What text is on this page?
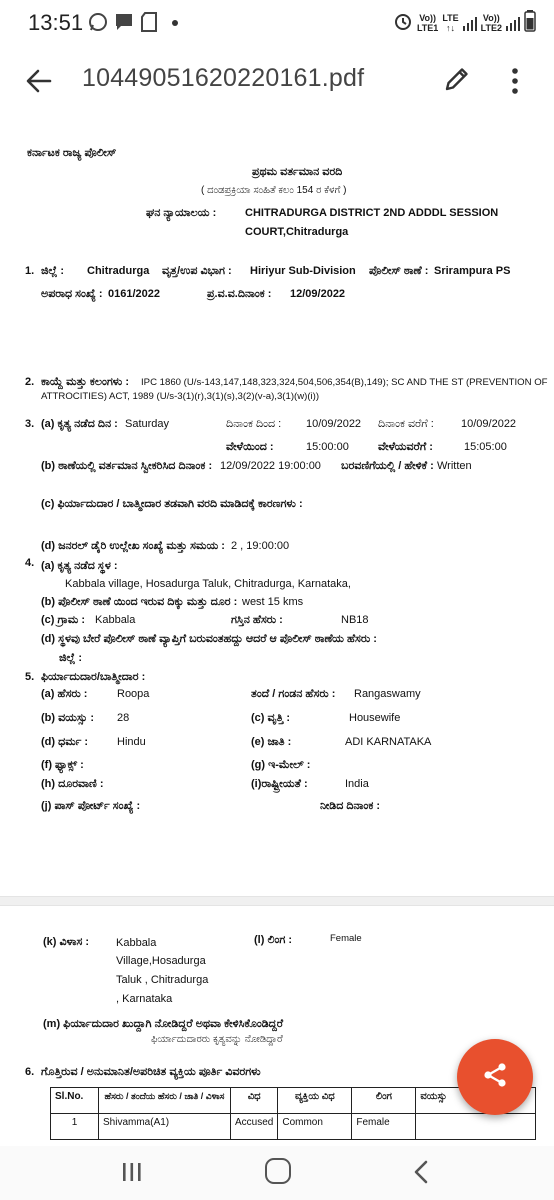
13:51	Vo))
LTE1
LTE
↑↓
Vo))
LTE2
10449051620220161.pdf
ಕರ್ನಾಟಕ ರಾಜ್ಯ ಪೊಲೀಸ್
ಪ್ರಥಮ ವರ್ತಮಾನ ವರದಿ
( ದಂಡಪ್ರಕ್ರಿಯಾ ಸಂಹಿತೆ ಕಲಂ 154 ರ ಕೆಳಗೆ )
ಘನ ನ್ಯಾಯಾಲಯ :	CHITRADURGA DISTRICT 2ND ADDDL SESSION
COURT,Chitradurga
1. ಜಿಲ್ಲೆ : Chitradurga ವೃತ್ತ/ಉಪ ವಿಭಾಗ : Hiriyur Sub-Division ಪೊಲೀಸ್ ಠಾಣೆ : Srirampura PS
ಅಪರಾಧ ಸಂಖ್ಯೆ : 0161/2022	ಪ್ರ.ವ.ವ.ದಿನಾಂಕ : 12/09/2022
2. ಕಾಯ್ದೆ ಮತ್ತು ಕಲಂಗಳು : IPC 1860 (U/s-143,147,148,323,324,504,506,354(B),149); SC AND THE ST (PREVENTION OF
ATTROCITIES) ACT, 1989 (U/s-3(1)(r),3(1)(s),3(2)(v-a),3(1)(w)(i))
3. (a) ಕೃತ್ಯ ನಡೆದ ದಿನ : Saturday	ದಿನಾಂಕ ದಿಂದ : 10/09/2022 ದಿನಾಂಕ ವರೆಗೆ : 10/09/2022
ವೇಳೆಯಿಂದ :	15:00:00	ವೇಳೆಯವರೆಗೆ :	15:05:00
(b) ಠಾಣೆಯಲ್ಲಿ ವರ್ತಮಾನ ಸ್ವೀಕರಿಸಿದ ದಿನಾಂಕ : 12/09/2022 19:00:00 ಬರವಣಿಗೆಯಲ್ಲಿ / ಹೇಳಿಕೆ : Written
(c) ಫಿರ್ಯಾದುದಾರ / ಬಾತ್ಮೀದಾರ ತಡವಾಗಿ ವರದಿ ಮಾಡಿದಕ್ಕೆ ಕಾರಣಗಳು :
(d) ಜನರಲ್ ಡೈರಿ ಉಲ್ಲೇಖ ಸಂಖ್ಯೆ ಮತ್ತು ಸಮಯ : 2 , 19:00:00
4. (a) ಕೃತ್ಯ ನಡೆದ ಸ್ಥಳ :
Kabbala village, Hosadurga Taluk, Chitradurga, Karnataka,
(b) ಪೊಲೀಸ್ ಠಾಣೆ ಯಿಂದ ಇರುವ ದಿಕ್ಕು ಮತ್ತು ದೂರ : west 15 kms
(c) ಗ್ರಾಮ : Kabbala	ಗಸ್ತಿನ ಹೆಸರು :	NB18
(d) ಸ್ಥಳವು ಬೇರೆ ಪೊಲೀಸ್ ಠಾಣೆ ವ್ಯಾಪ್ತಿಗೆ ಬರುವಂತಹದ್ದು ಆದರೆ ಆ ಪೊಲೀಸ್ ಠಾಣೆಯ ಹೆಸರು :
ಜಿಲ್ಲೆ :
5. ಫಿರ್ಯಾದುದಾರ/ಬಾತ್ಮೀದಾರ :
(a) ಹೆಸರು :	Roopa	ತಂದೆ / ಗಂಡನ ಹೆಸರು : Rangaswamy
(b) ವಯಸ್ಸು : 28	(c) ವೃತ್ತಿ :	Housewife
(d) ಧರ್ಮ :	Hindu	(e) ಜಾತಿ :	ADI KARNATAKA
(f) ಫ್ಯಾಕ್ಸ್ :	(g) ಇ-ಮೇಲ್ :
(h) ದೂರವಾಣಿ :	(i)ರಾಷ್ಟ್ರೀಯತೆ :	India
(j) ಪಾಸ್ ಪೋರ್ಟ್ ಸಂಖ್ಯೆ :	ನೀಡಿದ ದಿನಾಂಕ :
(k) ವಿಳಾಸ : Kabbala
Village,Hosadurga
Taluk , Chitradurga
, Karnataka
(l) ಲಿಂಗ :	Female
(m) ಫಿರ್ಯಾದುದಾರ ಖುದ್ದಾಗಿ ನೋಡಿದ್ದರೆ ಅಥವಾ ಕೇಳಿಸಿಕೊಂಡಿದ್ದರೆ
ಫಿರ್ಯಾದುದಾರರು ಕೃತ್ಯವನ್ನು ನೋಡಿದ್ದಾರೆ
6. ಗೊತ್ತಿರುವ / ಅನುಮಾನಿತ/ಅಪರಿಚಿತ ವ್ಯಕ್ತಿಯ ಪೂರ್ತಿ ವಿವರಗಳು
Sl.No.	ಹೆಸರು / ತಂದೆಯ ಹೆಸರು / ಜಾತಿ / ವಿಳಾಸ	ವಿಧ	ವ್ಯಕ್ತಿಯ ವಿಧ	ಲಿಂಗ	ವಯಸ್ಸು
1	Shivamma(A1)	Accused	Common	Female	
